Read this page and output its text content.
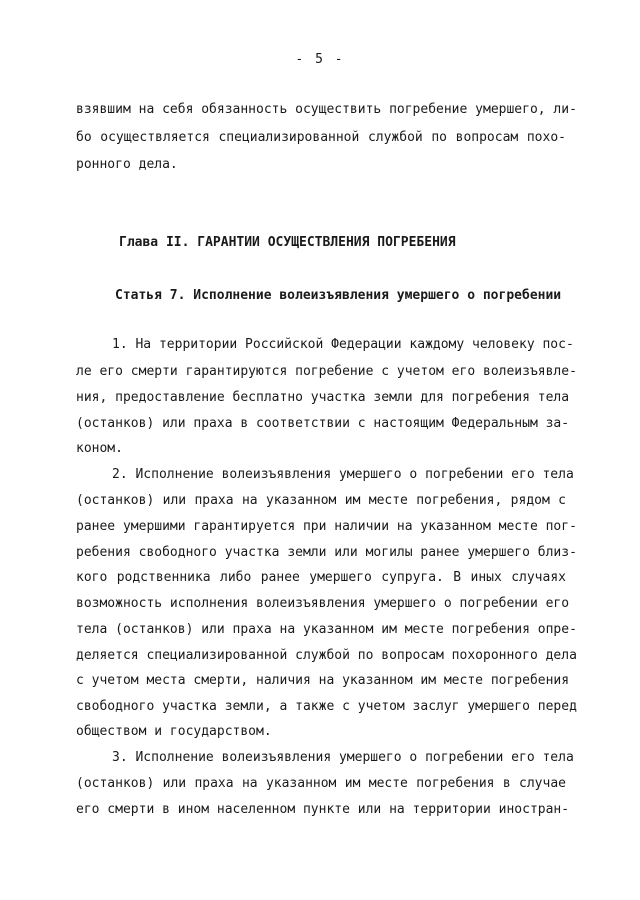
- 5 -
взявшим на себя обязанность осуществить погребение умершего, ли-
бо осуществляется специализированной службой по вопросам похо-
ронного дела.
Глава II. ГАРАНТИИ ОСУЩЕСТВЛЕНИЯ ПОГРЕБЕНИЯ
Статья 7. Исполнение волеизъявления умершего о погребении
1. На территории Российской Федерации каждому человеку пос-
ле его смерти гарантируются погребение с учетом его волеизъявле-
ния, предоставление бесплатно участка земли для погребения тела
(останков) или праха в соответствии с настоящим Федеральным за-
коном.
2. Исполнение волеизъявления умершего о погребении его тела
(останков) или праха на указанном им месте погребения, рядом с
ранее умершими гарантируется при наличии на указанном месте пог-
ребения свободного участка земли или могилы ранее умершего близ-
кого родственника либо ранее умершего супруга. В иных случаях
возможность исполнения волеизъявления умершего о погребении его
тела (останков) или праха на указанном им месте погребения опре-
деляется специализированной службой по вопросам похоронного дела
с учетом места смерти, наличия на указанном им месте погребения
свободного участка земли, а также с учетом заслуг умершего перед
обществом и государством.
3. Исполнение волеизъявления умершего о погребении его тела
(останков) или праха на указанном им месте погребения в случае
его смерти в ином населенном пункте или на территории иностран-
